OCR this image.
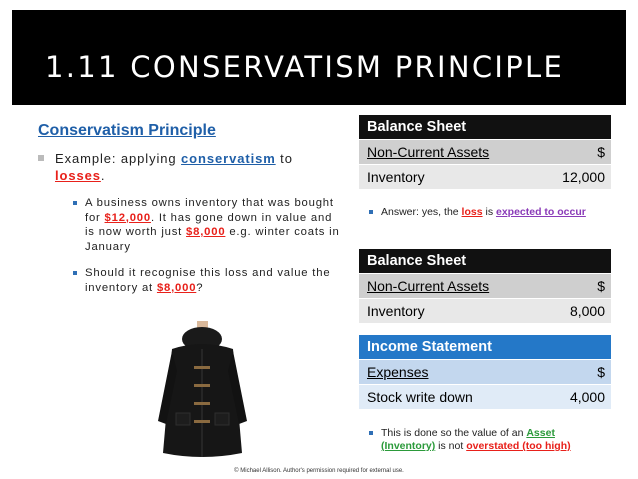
1.11 CONSERVATISM PRINCIPLE
Conservatism Principle
Example: applying conservatism to losses.
A business owns inventory that was bought for $12,000. It has gone down in value and is now worth just $8,000 e.g. winter coats in January
Should it recognise this loss and value the inventory at $8,000?
Balance Sheet
Non-Current Assets	$
Inventory	12,000
Answer: yes, the loss is expected to occur
Balance Sheet
Non-Current Assets	$
Inventory	8,000
Income Statement
Expenses	$
Stock write down	4,000
This is done so the value of an Asset (Inventory) is not overstated (too high)
© Michael Allison. Author's permission required for external use.
